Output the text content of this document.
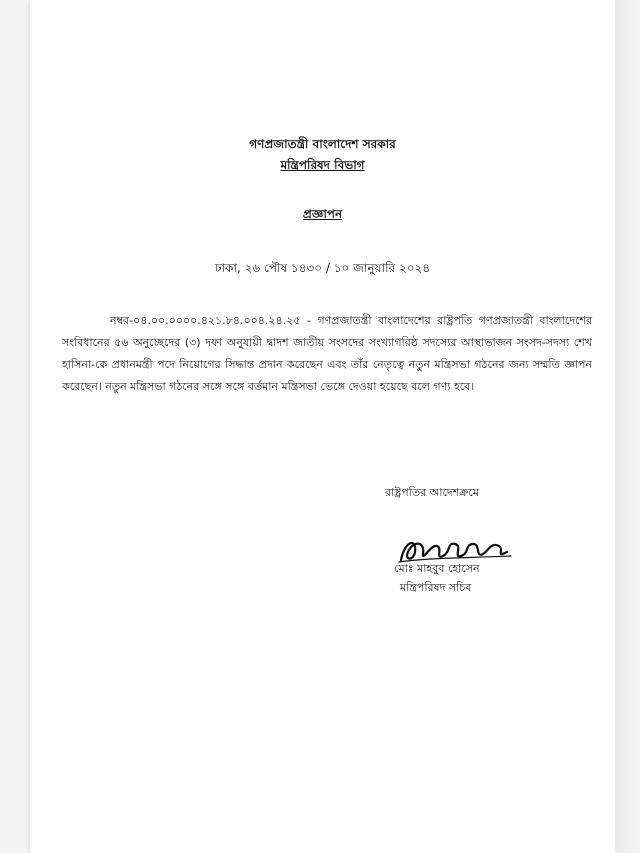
গণপ্রজাতন্ত্রী বাংলাদেশ সরকার
মন্ত্রিপরিষদ বিভাগ
প্রজ্ঞাপন
ঢাকা, ২৬ পৌষ ১৪৩০ / ১০ জানুয়ারি ২০২৪

নম্বর-০৪.০০.০০০০.৪২১.৮৪.০০৪.২৪.২৫ - গণপ্রজাতন্ত্রী বাংলাদেশের রাষ্ট্রপতি গণপ্রজাতন্ত্রী বাংলাদেশের সংবিধানের ৫৬ অনুচ্ছেদের (৩) দফা অনুযায়ী দ্বাদশ জাতীয় সংসদের সংখ্যাগরিষ্ঠ সদস্যের আস্থাভাজন সংসদ-সদস্য শেখ হাসিনা-কে প্রধানমন্ত্রী পদে নিয়োগের সিদ্ধান্ত প্রদান করেছেন এবং তাঁর নেতৃত্বে নতুন মন্ত্রিসভা গঠনের জন্য সম্মতি জ্ঞাপন করেছেন। নতুন মন্ত্রিসভা গঠনের সঙ্গে সঙ্গে বর্তমান মন্ত্রিসভা ভেঙ্গে দেওয়া হয়েছে বলে গণ্য হবে।

রাষ্ট্রপতির আদেশক্রমে
মোঃ মাহবুব হোসেন
মন্ত্রিপরিষদ সচিব
